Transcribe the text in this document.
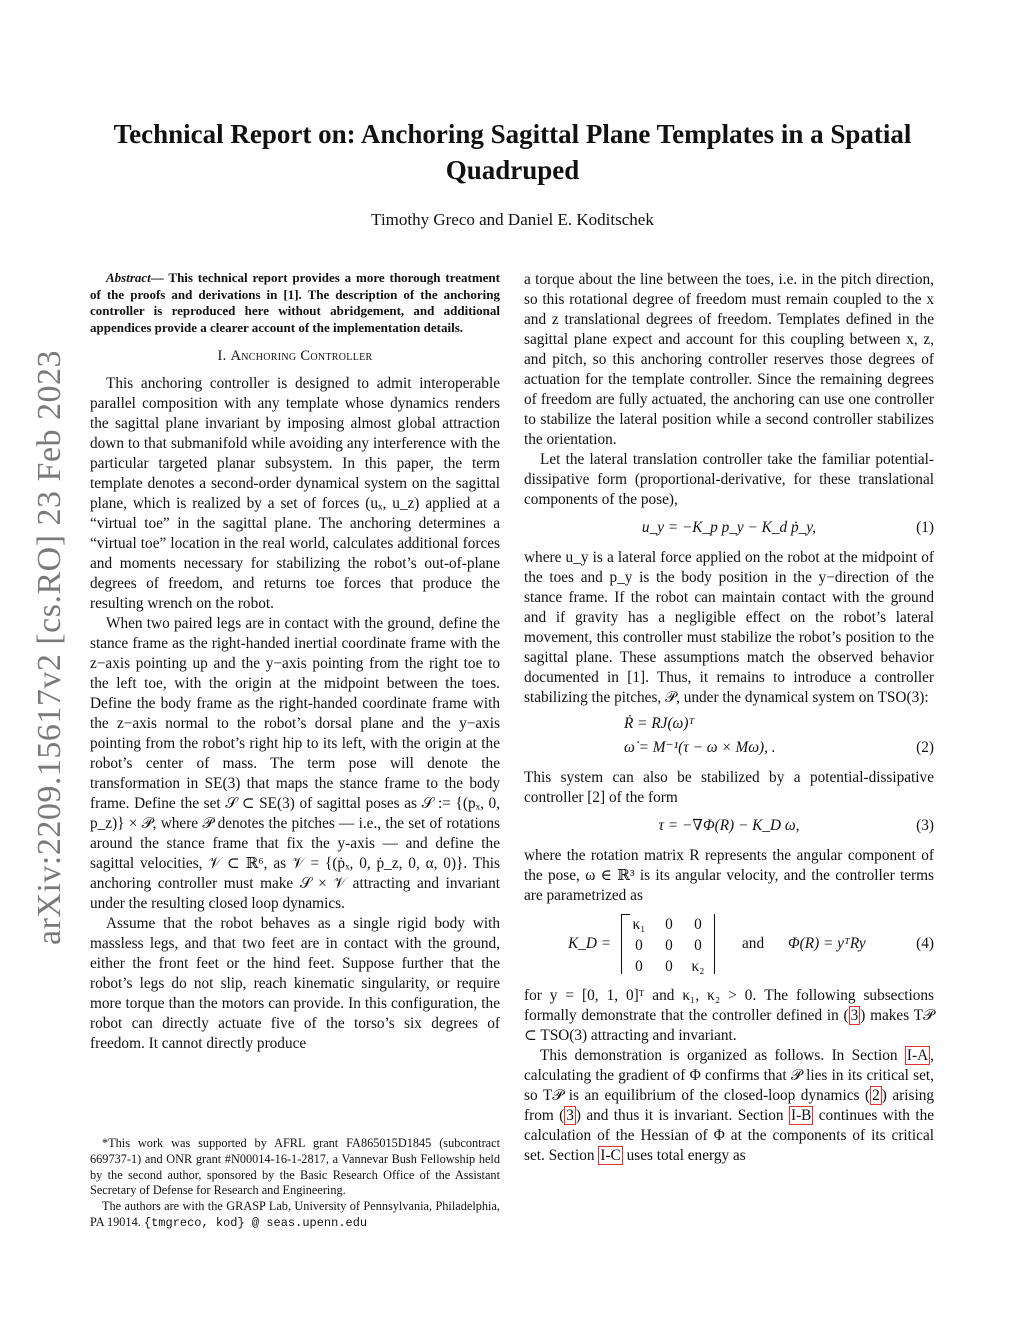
arXiv:2209.15617v2 [cs.RO] 23 Feb 2023
Technical Report on: Anchoring Sagittal Plane Templates in a Spatial Quadruped
Timothy Greco and Daniel E. Koditschek

Abstract— This technical report provides a more thorough treatment of the proofs and derivations in [1]. The description of the anchoring controller is reproduced here without abridgement, and additional appendices provide a clearer account of the implementation details.

I. Anchoring Controller

This anchoring controller is designed to admit interoperable parallel composition with any template whose dynamics renders the sagittal plane invariant by imposing almost global attraction down to that submanifold while avoiding any interference with the particular targeted planar subsystem. In this paper, the term template denotes a second-order dynamical system on the sagittal plane, which is realized by a set of forces (uₓ, u_z) applied at a “virtual toe” in the sagittal plane. The anchoring determines a “virtual toe” location in the real world, calculates additional forces and moments necessary for stabilizing the robot’s out-of-plane degrees of freedom, and returns toe forces that produce the resulting wrench on the robot.

When two paired legs are in contact with the ground, define the stance frame as the right-handed inertial coordinate frame with the z−axis pointing up and the y−axis pointing from the right toe to the left toe, with the origin at the midpoint between the toes. Define the body frame as the right-handed coordinate frame with the z−axis normal to the robot’s dorsal plane and the y−axis pointing from the robot’s right hip to its left, with the origin at the robot’s center of mass. The term pose will denote the transformation in SE(3) that maps the stance frame to the body frame. Define the set 𝒮 ⊂ SE(3) of sagittal poses as 𝒮 := {(pₓ, 0, p_z)} × 𝒫, where 𝒫 denotes the pitches — i.e., the set of rotations around the stance frame that fix the y-axis — and define the sagittal velocities, 𝒱 ⊂ ℝ⁶, as 𝒱 = {(ṗₓ, 0, ṗ_z, 0, α, 0)}. This anchoring controller must make 𝒮 × 𝒱 attracting and invariant under the resulting closed loop dynamics.

Assume that the robot behaves as a single rigid body with massless legs, and that two feet are in contact with the ground, either the front feet or the hind feet. Suppose further that the robot’s legs do not slip, reach kinematic singularity, or require more torque than the motors can provide. In this configuration, the robot can directly actuate five of the torso’s six degrees of freedom. It cannot directly produce

*This work was supported by AFRL grant FA865015D1845 (subcontract 669737-1) and ONR grant #N00014-16-1-2817, a Vannevar Bush Fellowship held by the second author, sponsored by the Basic Research Office of the Assistant Secretary of Defense for Research and Engineering.

The authors are with the GRASP Lab, University of Pennsylvania, Philadelphia, PA 19014. {tmgreco, kod} @ seas.upenn.edu

a torque about the line between the toes, i.e. in the pitch direction, so this rotational degree of freedom must remain coupled to the x and z translational degrees of freedom. Templates defined in the sagittal plane expect and account for this coupling between x, z, and pitch, so this anchoring controller reserves those degrees of actuation for the template controller. Since the remaining degrees of freedom are fully actuated, the anchoring can use one controller to stabilize the lateral position while a second controller stabilizes the orientation.

Let the lateral translation controller take the familiar potential-dissipative form (proportional-derivative, for these translational components of the pose),

u_y = −K_p p_y − K_d ṗ_y,	(1)

where u_y is a lateral force applied on the robot at the midpoint of the toes and p_y is the body position in the y−direction of the stance frame. If the robot can maintain contact with the ground and if gravity has a negligible effect on the robot’s lateral movement, this controller must stabilize the robot’s position to the sagittal plane. These assumptions match the observed behavior documented in [1]. Thus, it remains to introduce a controller stabilizing the pitches, 𝒫, under the dynamical system on TSO(3):

Ṙ = RJ(ω)ᵀ
ω̇ = M⁻¹(τ − ω × Mω), .	(2)

This system can also be stabilized by a potential-dissipative controller [2] of the form

τ = −∇Φ(R) − K_D ω,	(3)

where the rotation matrix R represents the angular component of the pose, ω ∈ ℝ³ is its angular velocity, and the controller terms are parametrized as

K_D =
κ₁	0	0
0	0	0
0	0	κ₂
and Φ(R) = yᵀRy	(4)

for y = [0, 1, 0]ᵀ and κ₁, κ₂ > 0. The following subsections formally demonstrate that the controller defined in ( 3 ) makes T𝒫 ⊂ TSO(3) attracting and invariant.

This demonstration is organized as follows. In Section I-A , calculating the gradient of Φ confirms that 𝒫 lies in its critical set, so T𝒫 is an equilibrium of the closed-loop dynamics ( 2 ) arising from ( 3 ) and thus it is invariant. Section I-B continues with the calculation of the Hessian of Φ at the components of its critical set. Section I-C uses total energy as
